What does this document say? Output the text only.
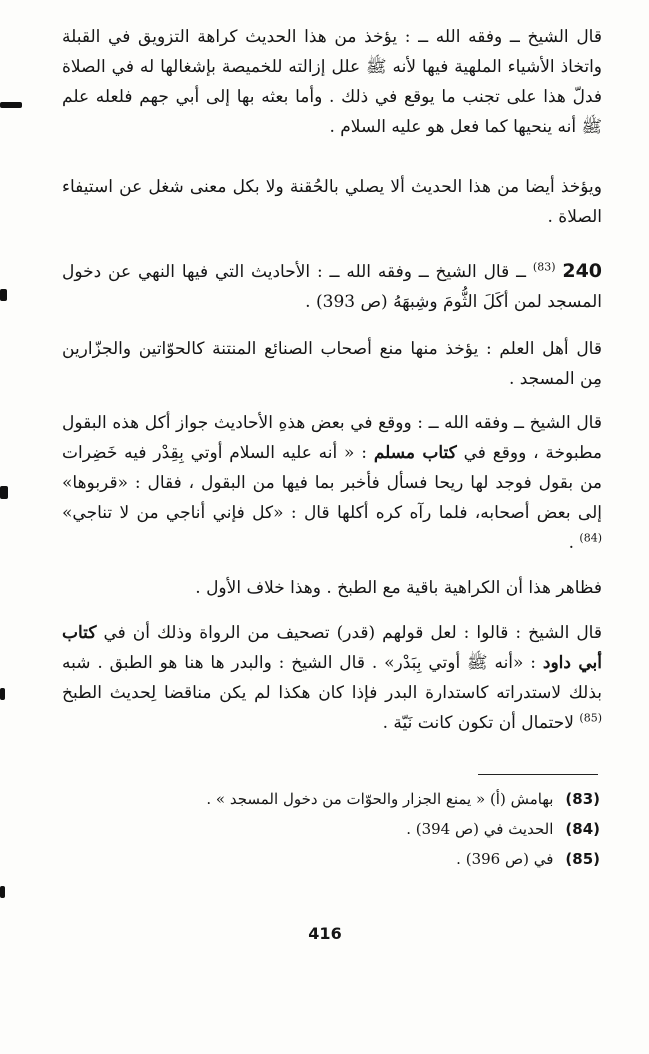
قال الشيخ ــ وفقه الله ــ : يؤخذ من هذا الحديث كراهة التزويق في القبلة واتخاذ الأشياء الملهية فيها لأنه ﷺ علل إزالته للخميصة بإشغالها له في الصلاة فدلّ هذا على تجنب ما يوقع في ذلك . وأما بعثه بها إلى أبي جهم فلعله علم ﷺ أنه ينحيها كما فعل هو عليه السلام .

ويؤخذ أيضا من هذا الحديث ألا يصلي بالحُقنة ولا بكل معنى شغل عن استيفاء الصلاة .

240 $^{(83)}$ ــ قال الشيخ ــ وفقه الله ــ : الأحاديث التي فيها النهي عن دخول المسجد لمن أكَلَ الثُّومَ وشِبهَهُ (ص 393) .

قال أهل العلم : يؤخذ منها منع أصحاب الصنائع المنتنة كالحوّاتين والجزّارين مِن المسجد .

قال الشيخ ــ وفقه الله ــ : ووقع في بعض هذهِ الأحاديث جواز أكل هذه البقول مطبوخة ، ووقع في كتاب مسلم : « أنه عليه السلام أوتي بِقِدْر فيه خَضِرات من بقول فوجد لها ريحا فسأل فأخبر بما فيها من البقول ، فقال : «قربوها» إلى بعض أصحابه، فلما رآه كره أكلها قال : «كل فإني أناجي من لا تناجي» $^{(84)}$ .

فظاهر هذا أن الكراهية باقية مع الطبخ . وهذا خلاف الأول .

قال الشيخ : قالوا : لعل قولهم (قدر) تصحيف من الرواة وذلك أن في كتاب أبي داود : «أنه ﷺ أوتي بِبَدْر» . قال الشيخ : والبدر ها هنا هو الطبق . شبه بذلك لاستدراته كاستدارة البدر فإذا كان هكذا لم يكن مناقضا لِحديث الطبخ $^{(85)}$ لاحتمال أن تكون كانت نَيّة .

(83)بهامش (أ) « يمنع الجزار والحوّات من دخول المسجد » .
(84)الحديث في (ص 394) .
(85)في (ص 396) .
416
